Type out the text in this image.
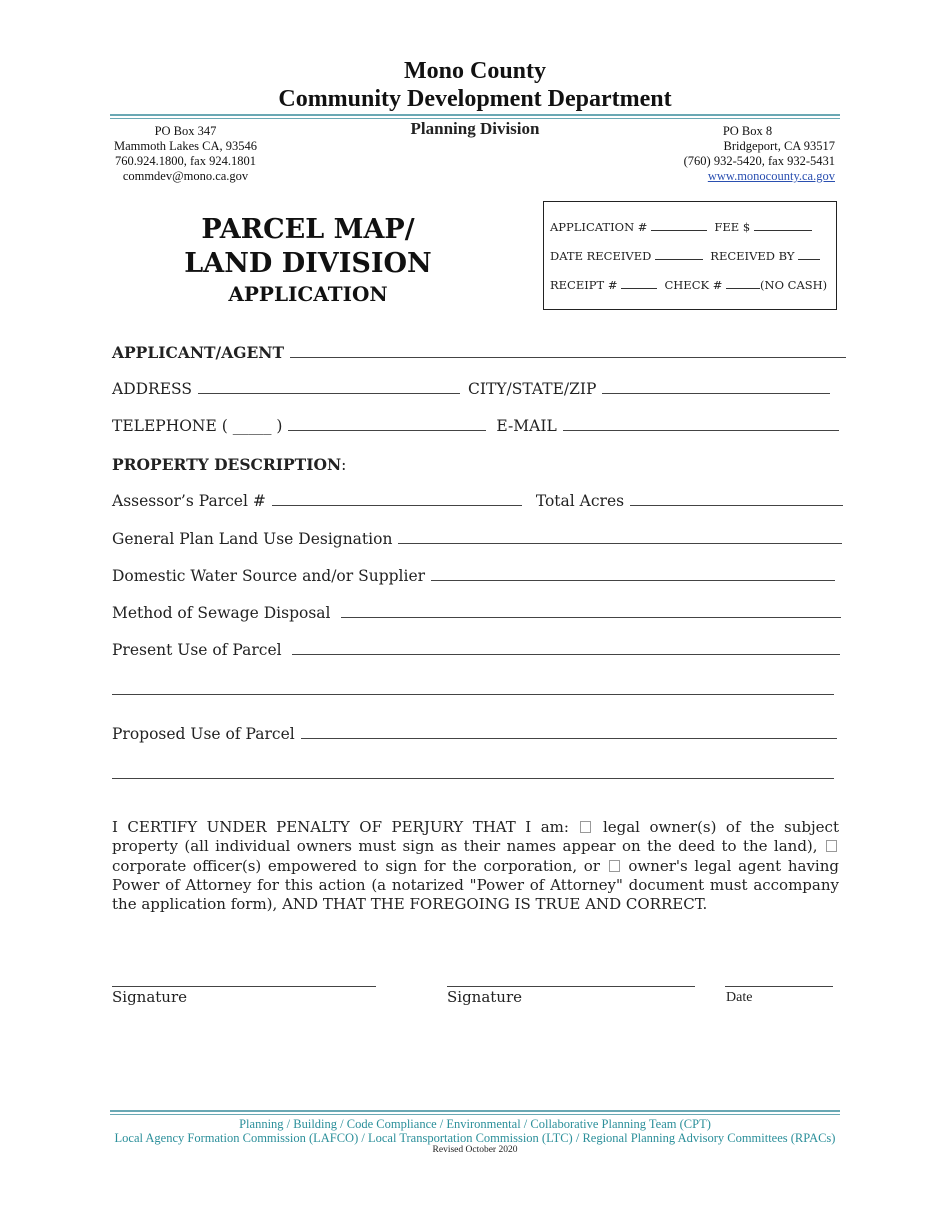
Mono County
Community Development Department
PO Box 347
Mammoth Lakes CA, 93546
760.924.1800, fax 924.1801
commdev@mono.ca.gov
Planning Division	PO Box 8
Bridgeport, CA 93517
(760) 932-5420, fax 932-5431
www.monocounty.ca.gov
PARCEL MAP/
LAND DIVISION
APPLICATION
APPLICATION #	FEE $
DATE RECEIVED	RECEIVED BY
RECEIPT #	CHECK #	(NO CASH)
APPLICANT/AGENT
ADDRESS	CITY/STATE/ZIP
TELEPHONE ( _____ )	E-MAIL
PROPERTY DESCRIPTION :
Assessor’s Parcel #	Total Acres
General Plan Land Use Designation
Domestic Water Source and/or Supplier
Method of Sewage Disposal
Present Use of Parcel
Proposed Use of Parcel
I CERTIFY UNDER PENALTY OF PERJURY THAT I am: legal owner(s) of the subject property (all individual owners must sign as their names appear on the deed to the land),  corporate officer(s) empowered to sign for the corporation, or owner's legal agent having Power of Attorney for this action (a notarized "Power of Attorney" document must accompany the application form), AND THAT THE FOREGOING IS TRUE AND CORRECT.
Signature	Signature	Date
Planning / Building / Code Compliance / Environmental / Collaborative Planning Team (CPT)
Local Agency Formation Commission (LAFCO) / Local Transportation Commission (LTC) / Regional Planning Advisory Committees (RPACs)
Revised October 2020
